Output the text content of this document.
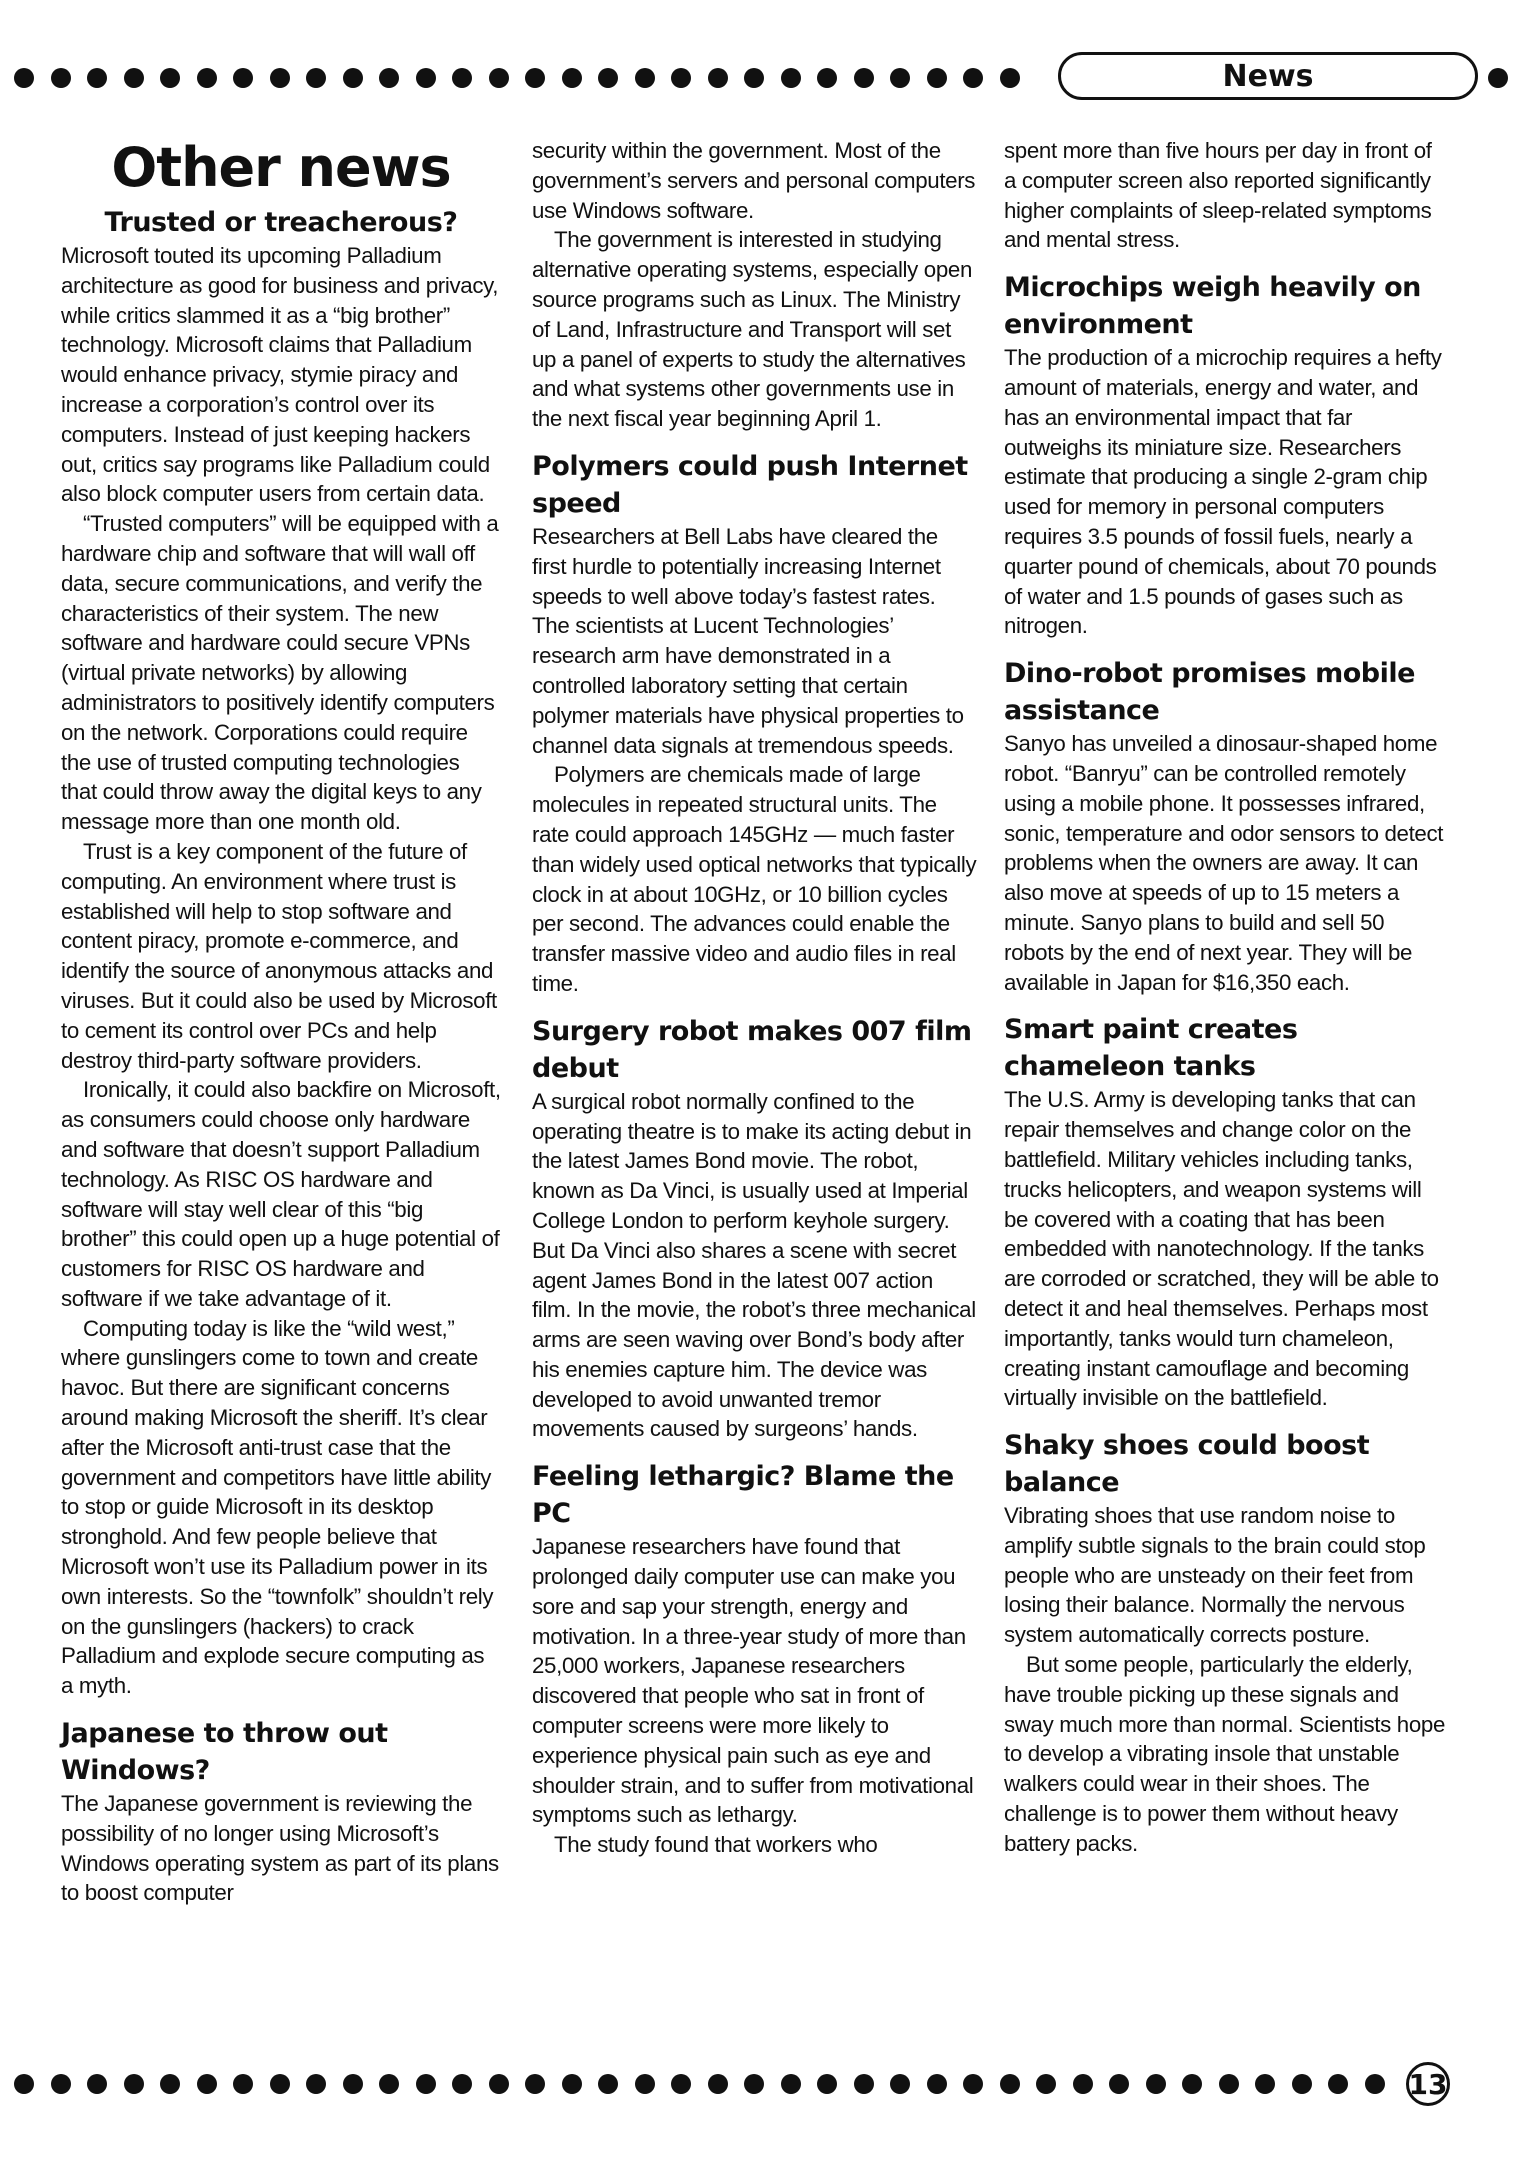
News
Other news
Trusted or treacherous?

Microsoft touted its upcoming Palladium architecture as good for business and privacy, while critics slammed it as a “big brother” technology. Microsoft claims that Palladium would enhance privacy, stymie piracy and increase a corporation’s control over its computers. Instead of just keeping hackers out, critics say programs like Palladium could also block computer users from certain data.

“Trusted computers” will be equipped with a hardware chip and software that will wall off data, secure communications, and verify the characteristics of their system. The new software and hardware could secure VPNs (virtual private networks) by allowing administrators to positively identify computers on the network. Corporations could require the use of trusted computing technologies that could throw away the digital keys to any message more than one month old.

Trust is a key component of the future of computing. An environment where trust is established will help to stop software and content piracy, promote e-commerce, and identify the source of anonymous attacks and viruses. But it could also be used by Microsoft to cement its control over PCs and help destroy third-party software providers.

Ironically, it could also backfire on Microsoft, as consumers could choose only hardware and software that doesn’t support Palladium technology. As RISC OS hardware and software will stay well clear of this “big brother” this could open up a huge potential of customers for RISC OS hardware and software if we take advantage of it.

Computing today is like the “wild west,” where gunslingers come to town and create havoc. But there are significant concerns around making Microsoft the sheriff. It’s clear after the Microsoft anti-trust case that the government and competitors have little ability to stop or guide Microsoft in its desktop stronghold. And few people believe that Microsoft won’t use its Palladium power in its own interests. So the “townfolk” shouldn’t rely on the gunslingers (hackers) to crack Palladium and explode secure computing as a myth.

Japanese to throw out Windows?

The Japanese government is reviewing the possibility of no longer using Microsoft’s Windows operating system as part of its plans to boost computer

security within the government. Most of the government’s servers and personal computers use Windows software.

The government is interested in studying alternative operating systems, especially open source programs such as Linux. The Ministry of Land, Infrastructure and Transport will set up a panel of experts to study the alternatives and what systems other governments use in the next fiscal year beginning April 1.

Polymers could push Internet speed

Researchers at Bell Labs have cleared the first hurdle to potentially increasing Internet speeds to well above today’s fastest rates. The scientists at Lucent Technologies’ research arm have demonstrated in a controlled laboratory setting that certain polymer materials have physical properties to channel data signals at tremendous speeds.

Polymers are chemicals made of large molecules in repeated structural units. The rate could approach 145GHz — much faster than widely used optical networks that typically clock in at about 10GHz, or 10 billion cycles per second. The advances could enable the transfer massive video and audio files in real time.

Surgery robot makes 007 film debut

A surgical robot normally confined to the operating theatre is to make its acting debut in the latest James Bond movie. The robot, known as Da Vinci, is usually used at Imperial College London to perform keyhole surgery. But Da Vinci also shares a scene with secret agent James Bond in the latest 007 action film. In the movie, the robot’s three mechanical arms are seen waving over Bond’s body after his enemies capture him. The device was developed to avoid unwanted tremor movements caused by surgeons’ hands.

Feeling lethargic? Blame the PC

Japanese researchers have found that prolonged daily computer use can make you sore and sap your strength, energy and motivation. In a three-year study of more than 25,000 workers, Japanese researchers discovered that people who sat in front of computer screens were more likely to experience physical pain such as eye and shoulder strain, and to suffer from motivational symptoms such as lethargy.

The study found that workers who

spent more than five hours per day in front of a computer screen also reported significantly higher complaints of sleep-related symptoms and mental stress.

Microchips weigh heavily on environment

The production of a microchip requires a hefty amount of materials, energy and water, and has an environmental impact that far outweighs its miniature size. Researchers estimate that producing a single 2-gram chip used for memory in personal computers requires 3.5 pounds of fossil fuels, nearly a quarter pound of chemicals, about 70 pounds of water and 1.5 pounds of gases such as nitrogen.

Dino-robot promises mobile assistance

Sanyo has unveiled a dinosaur-shaped home robot. “Banryu” can be controlled remotely using a mobile phone. It possesses infrared, sonic, temperature and odor sensors to detect problems when the owners are away. It can also move at speeds of up to 15 meters a minute. Sanyo plans to build and sell 50 robots by the end of next year. They will be available in Japan for $16,350 each.

Smart paint creates chameleon tanks

The U.S. Army is developing tanks that can repair themselves and change color on the battlefield. Military vehicles including tanks, trucks helicopters, and weapon systems will be covered with a coating that has been embedded with nanotechnology. If the tanks are corroded or scratched, they will be able to detect it and heal themselves. Perhaps most importantly, tanks would turn chameleon, creating instant camouflage and becoming virtually invisible on the battlefield.

Shaky shoes could boost balance

Vibrating shoes that use random noise to amplify subtle signals to the brain could stop people who are unsteady on their feet from losing their balance. Normally the nervous system automatically corrects posture.

But some people, particularly the elderly, have trouble picking up these signals and sway much more than normal. Scientists hope to develop a vibrating insole that unstable walkers could wear in their shoes. The challenge is to power them without heavy battery packs.

13
